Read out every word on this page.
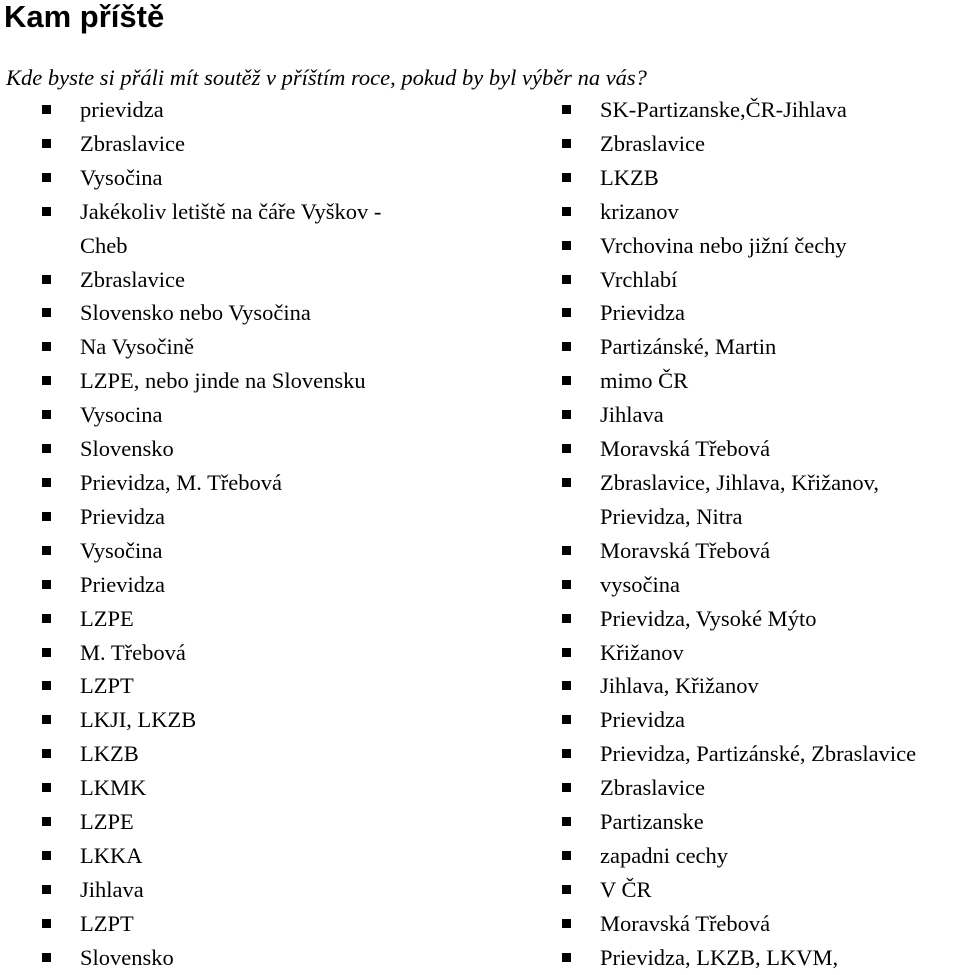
Kam příště

Kde byste si přáli mít soutěž v příštím roce, pokud by byl výběr na vás?

prievidza
Zbraslavice
Vysočina
Jakékoliv letiště na čáře Vyškov -
Cheb
Zbraslavice
Slovensko nebo Vysočina
Na Vysočině
LZPE, nebo jinde na Slovensku
Vysocina
Slovensko
Prievidza, M. Třebová
Prievidza
Vysočina
Prievidza
LZPE
M. Třebová
LZPT
LKJI, LKZB
LKZB
LKMK
LZPE
LKKA
Jihlava
LZPT
Slovensko
SK-Partizanske,ČR-Jihlava
Zbraslavice
LKZB
krizanov
Vrchovina nebo jižní čechy
Vrchlabí
Prievidza
Partizánské, Martin
mimo ČR
Jihlava
Moravská Třebová
Zbraslavice, Jihlava, Křižanov,
Prievidza, Nitra
Moravská Třebová
vysočina
Prievidza, Vysoké Mýto
Křižanov
Jihlava, Křižanov
Prievidza
Prievidza, Partizánské, Zbraslavice
Zbraslavice
Partizanske
zapadni cechy
V ČR
Moravská Třebová
Prievidza, LKZB, LKVM,
